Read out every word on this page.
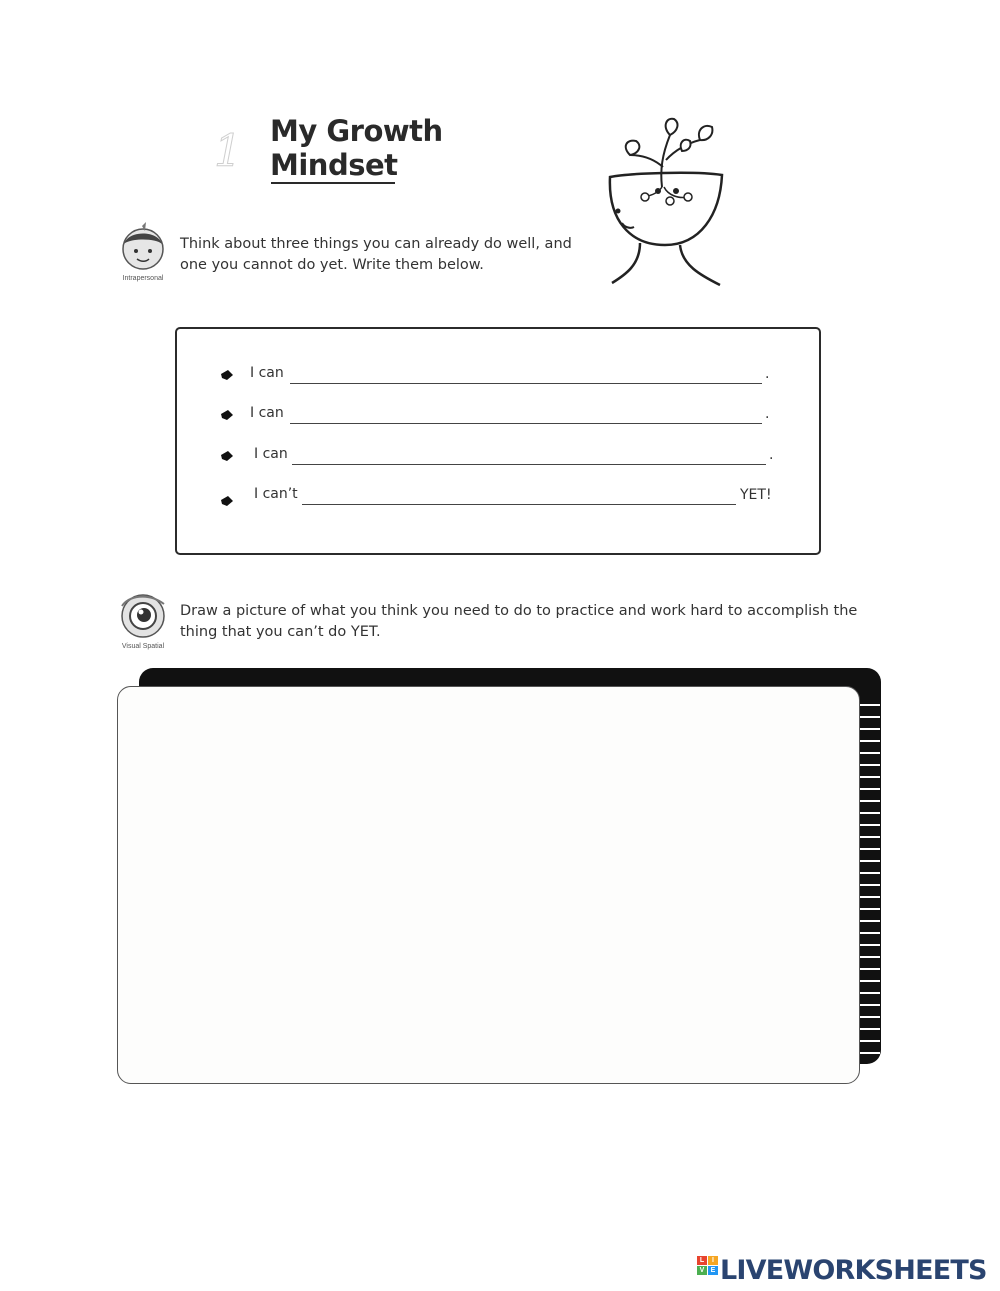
1 My Growth
Mindset
Intrapersonal
Think about three things you can already do well, and
one you cannot do yet. Write them below.
I can	.
I can	.
I can	.
I can’t	YET!
Visual Spatial
Draw a picture of what you think you need to do to practice and work hard to accomplish the
thing that you can’t do YET.
L	I
V E LIVEWORKSHEETS
